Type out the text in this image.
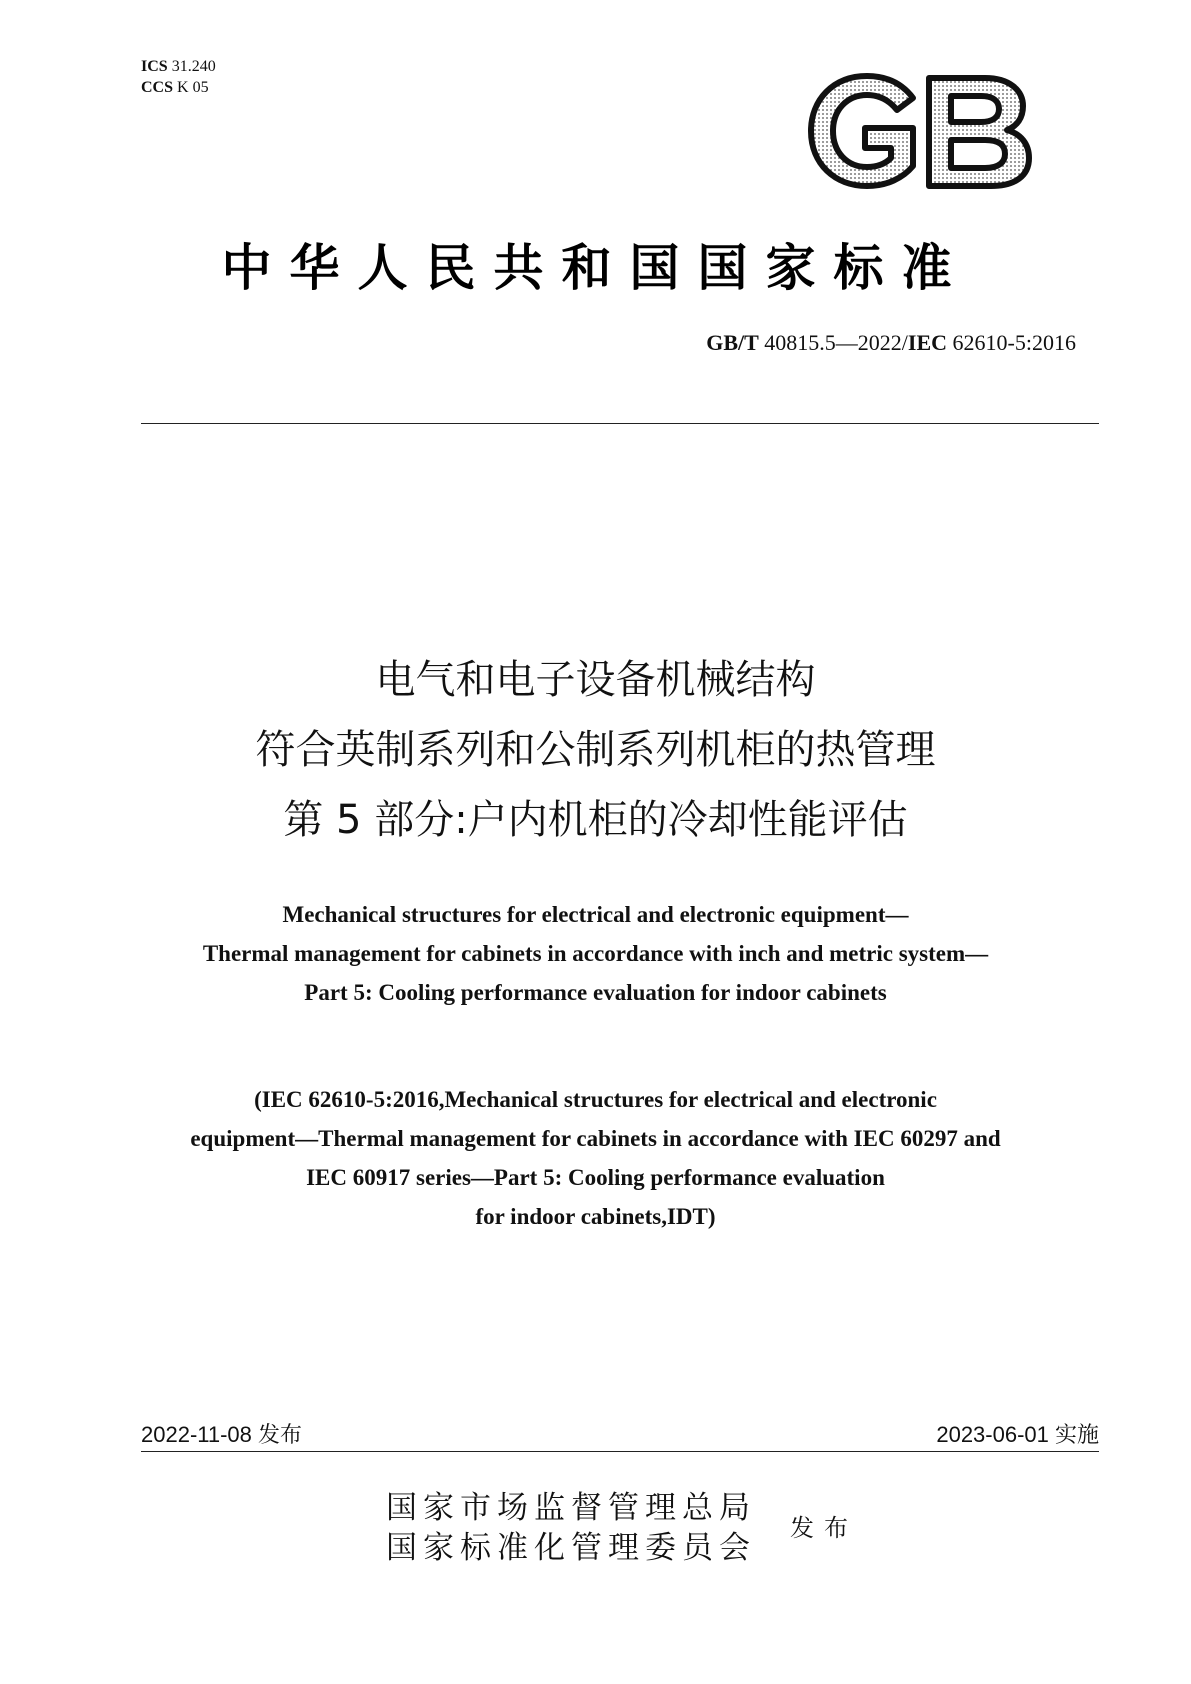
ICS 31.240
CCS K 05
GB
中华人民共和国国家标准
GB/T 40815.5—2022/IEC 62610-5:2016
电气和电子设备机械结构
符合英制系列和公制系列机柜的热管理
第 5 部分:户内机柜的冷却性能评估
Mechanical structures for electrical and electronic equipment—
Thermal management for cabinets in accordance with inch and metric system—
Part 5: Cooling performance evaluation for indoor cabinets
(IEC 62610-5:2016,Mechanical structures for electrical and electronic
equipment—Thermal management for cabinets in accordance with IEC 60297 and
IEC 60917 series—Part 5: Cooling performance evaluation
for indoor cabinets,IDT)
2022-11-08 发布	2023-06-01 实施
国家市场监督管理总局
国家标准化管理委员会
发布
